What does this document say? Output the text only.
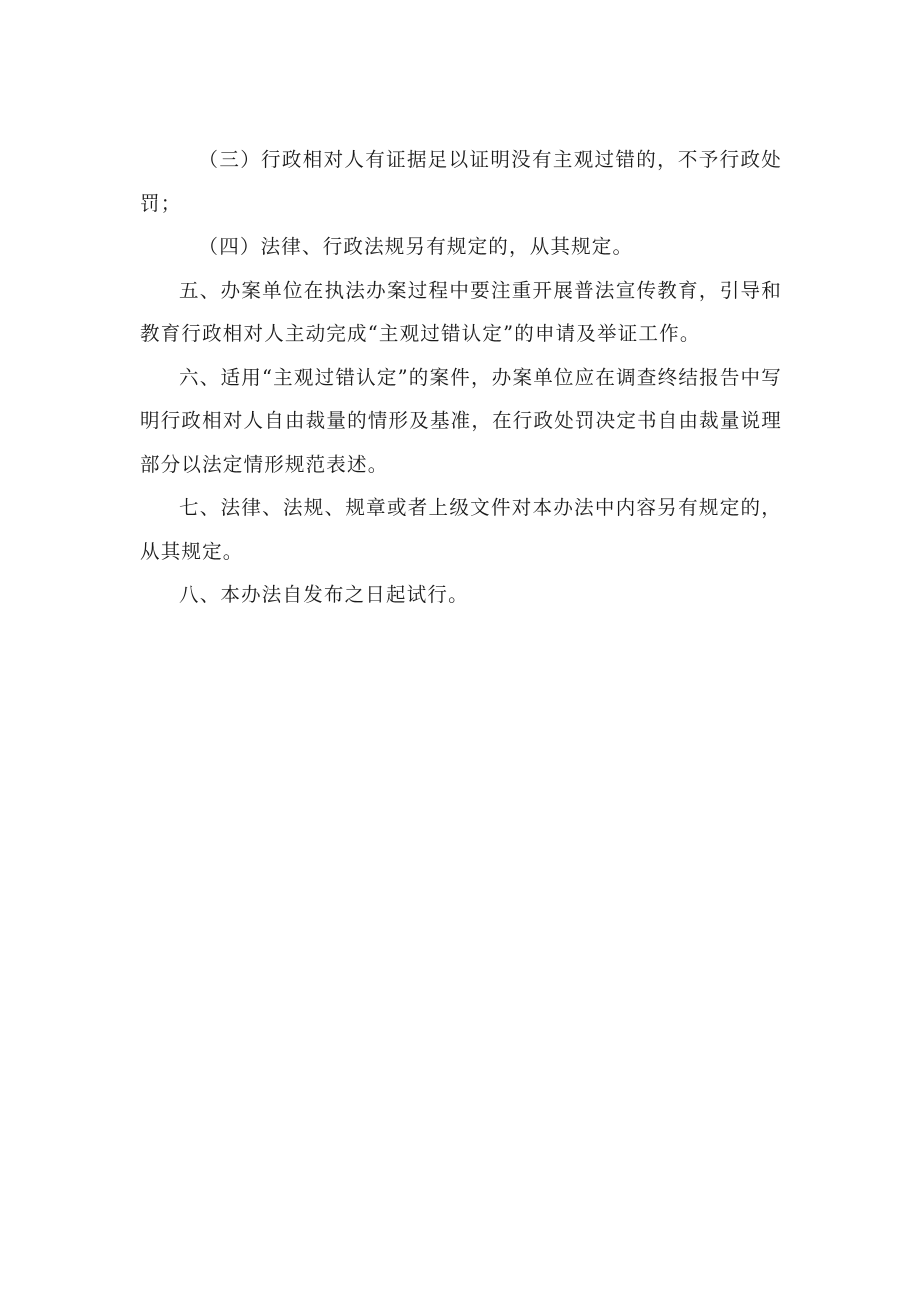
（三）行政相对人有证据足以证明没有主观过错的，不予行政处罚；

（四）法律、行政法规另有规定的，从其规定。

五、办案单位在执法办案过程中要注重开展普法宣传教育，引导和教育行政相对人主动完成“主观过错认定”的申请及举证工作。

六、适用“主观过错认定”的案件，办案单位应在调查终结报告中写明行政相对人自由裁量的情形及基准，在行政处罚决定书自由裁量说理部分以法定情形规范表述。

七、法律、法规、规章或者上级文件对本办法中内容另有规定的，从其规定。

八、本办法自发布之日起试行。
